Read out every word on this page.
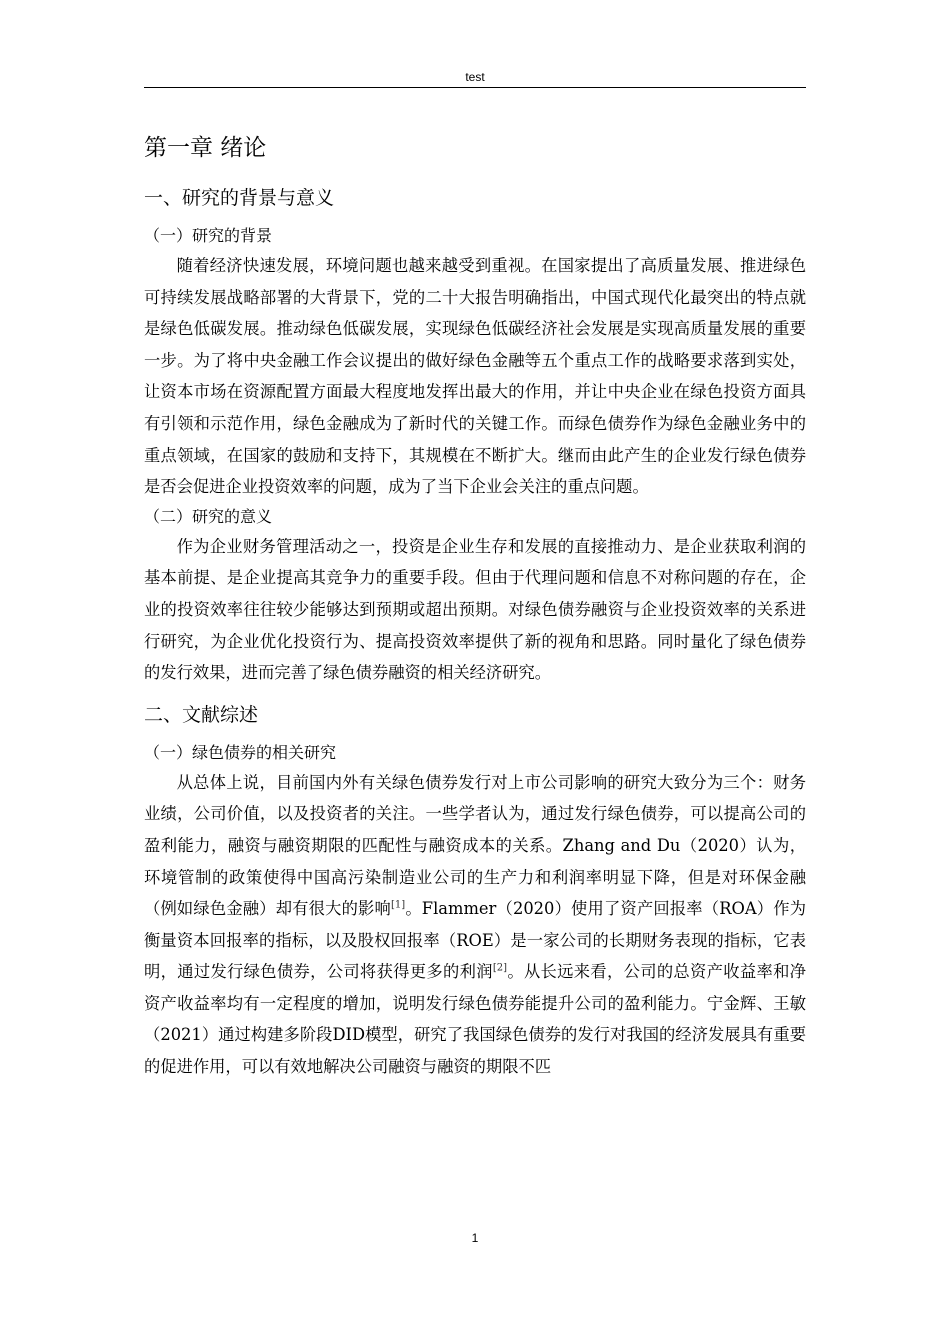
test
第一章 绪论
一、研究的背景与意义
（一）研究的背景

随着经济快速发展，环境问题也越来越受到重视。在国家提出了高质量发展、推进绿色可持续发展战略部署的大背景下，党的二十大报告明确指出，中国式现代化最突出的特点就是绿色低碳发展。推动绿色低碳发展，实现绿色低碳经济社会发展是实现高质量发展的重要一步。为了将中央金融工作会议提出的做好绿色金融等五个重点工作的战略要求落到实处，让资本市场在资源配置方面最大程度地发挥出最大的作用，并让中央企业在绿色投资方面具有引领和示范作用，绿色金融成为了新时代的关键工作。而绿色债券作为绿色金融业务中的重点领域，在国家的鼓励和支持下，其规模在不断扩大。继而由此产生的企业发行绿色债券是否会促进企业投资效率的问题，成为了当下企业会关注的重点问题。

（二）研究的意义

作为企业财务管理活动之一，投资是企业生存和发展的直接推动力、是企业获取利润的基本前提、是企业提高其竞争力的重要手段。但由于代理问题和信息不对称问题的存在，企业的投资效率往往较少能够达到预期或超出预期。对绿色债券融资与企业投资效率的关系进行研究，为企业优化投资行为、提高投资效率提供了新的视角和思路。同时量化了绿色债券的发行效果，进而完善了绿色债券融资的相关经济研究。

二、文献综述
（一）绿色债券的相关研究

从总体上说，目前国内外有关绿色债券发行对上市公司影响的研究大致分为三个：财务业绩，公司价值，以及投资者的关注。一些学者认为，通过发行绿色债券，可以提高公司的盈利能力，融资与融资期限的匹配性与融资成本的关系。Zhang and Du（2020）认为，环境管制的政策使得中国高污染制造业公司的生产力和利润率明显下降，但是对环保金融（例如绿色金融）却有很大的影响[1]。Flammer（2020）使用了资产回报率（ROA）作为衡量资本回报率的指标，以及股权回报率（ROE）是一家公司的长期财务表现的指标，它表明，通过发行绿色债券，公司将获得更多的利润[2]。从长远来看，公司的总资产收益率和净资产收益率均有一定程度的增加，说明发行绿色债券能提升公司的盈利能力。宁金辉、王敏（2021）通过构建多阶段DID模型，研究了我国绿色债券的发行对我国的经济发展具有重要的促进作用，可以有效地解决公司融资与融资的期限不匹

1
